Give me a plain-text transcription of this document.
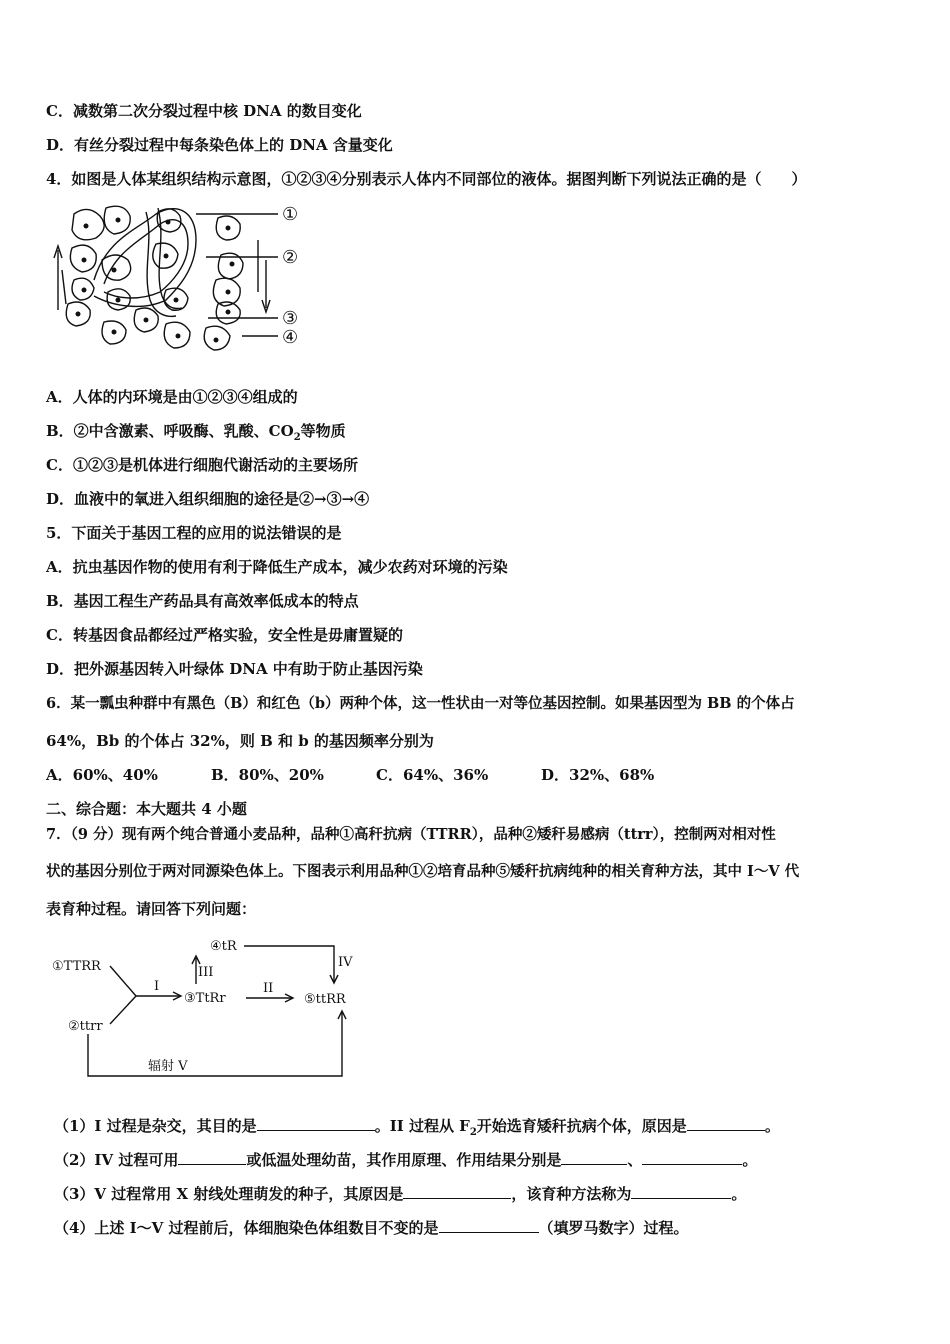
C．减数第二次分裂过程中核 DNA 的数目变化
D．有丝分裂过程中每条染色体上的 DNA 含量变化
4．如图是人体某组织结构示意图，①②③④分别表示人体内不同部位的液体。据图判断下列说法正确的是（　　）
①
②
③
④
A．人体的内环境是由①②③④组成的
B．②中含激素、呼吸酶、乳酸、$CO_2$等物质
C．①②③是机体进行细胞代谢活动的主要场所
D．血液中的氧进入组织细胞的途径是②→③→④
5．下面关于基因工程的应用的说法错误的是
A．抗虫基因作物的使用有利于降低生产成本，减少农药对环境的污染
B．基因工程生产药品具有高效率低成本的特点
C．转基因食品都经过严格实验，安全性是毋庸置疑的
D．把外源基因转入叶绿体 DNA 中有助于防止基因污染
6．某一瓢虫种群中有黑色（B）和红色（b）两种个体，这一性状由一对等位基因控制。如果基因型为 BB 的个体占
64%，Bb 的个体占 32%，则 B 和 b 的基因频率分别为
A．60%、40%	B．80%、20%	C．64%、36%	D．32%、68%
二、综合题：本大题共 4 小题
7．（9 分）现有两个纯合普通小麦品种，品种①高秆抗病（TTRR），品种②矮秆易感病（ttrr），控制两对相对性
状的基因分别位于两对同源染色体上。下图表示利用品种①②培育品种⑤矮秆抗病纯种的相关育种方法，其中 I～V 代
表育种过程。请回答下列问题：
①TTRR
②ttrr
③TtRr
④tR
⑤ttRR
I	II
III
IV
辐射 V
（1）I 过程是杂交，其目的是	。II 过程从 $F_2$开始选育矮秆抗病个体，原因是	。
（2）IV 过程可用	或低温处理幼苗，其作用原理、作用结果分别是	、	。
（3）V 过程常用 X 射线处理萌发的种子，其原因是	，该育种方法称为	。
（4）上述 I～V 过程前后，体细胞染色体组数目不变的是	（填罗马数字）过程。
